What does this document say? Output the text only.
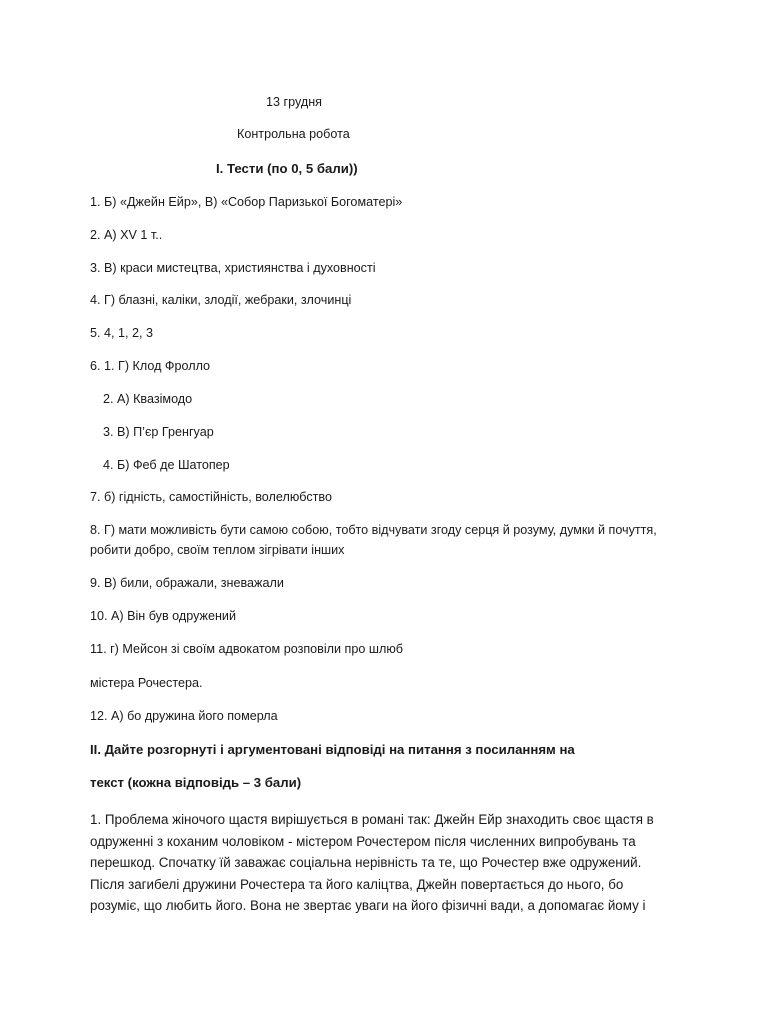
13 грудня
Контрольна робота
I. Тести (по 0, 5 бали))
1. Б) «Джейн Ейр», В) «Собор Паризької Богоматері»
2. А) XV 1 т..
3. В) краси мистецтва, християнства і духовності
4. Г) блазні, каліки, злодії, жебраки, злочинці
5. 4, 1, 2, 3
6. 1. Г) Клод Фролло
2. А) Квазімодо
3. В) П’єр Гренгуар
4. Б) Феб де Шатопер
7. б) гідність, самостійність, волелюбство
8. Г) мати можливість бути самою собою, тобто відчувати згоду серця й розуму, думки й почуття,
робити добро, своїм теплом зігрівати інших
9. В) били, ображали, зневажали
10. А) Він був одружений
11. г) Мейсон зі своїм адвокатом розповіли про шлюб
містера Рочестера.
12. А) бо дружина його померла
II. Дайте розгорнуті і аргументовані відповіді на питання з посиланням на
текст (кожна відповідь – 3 бали)
1. Проблема жіночого щастя вирішується в романі так: Джейн Ейр знаходить своє щастя в
одруженні з коханим чоловіком - містером Рочестером після численних випробувань та
перешкод. Спочатку їй заважає соціальна нерівність та те, що Рочестер вже одружений.
Після загибелі дружини Рочестера та його каліцтва, Джейн повертається до нього, бо
розуміє, що любить його. Вона не звертає уваги на його фізичні вади, а допомагає йому і
